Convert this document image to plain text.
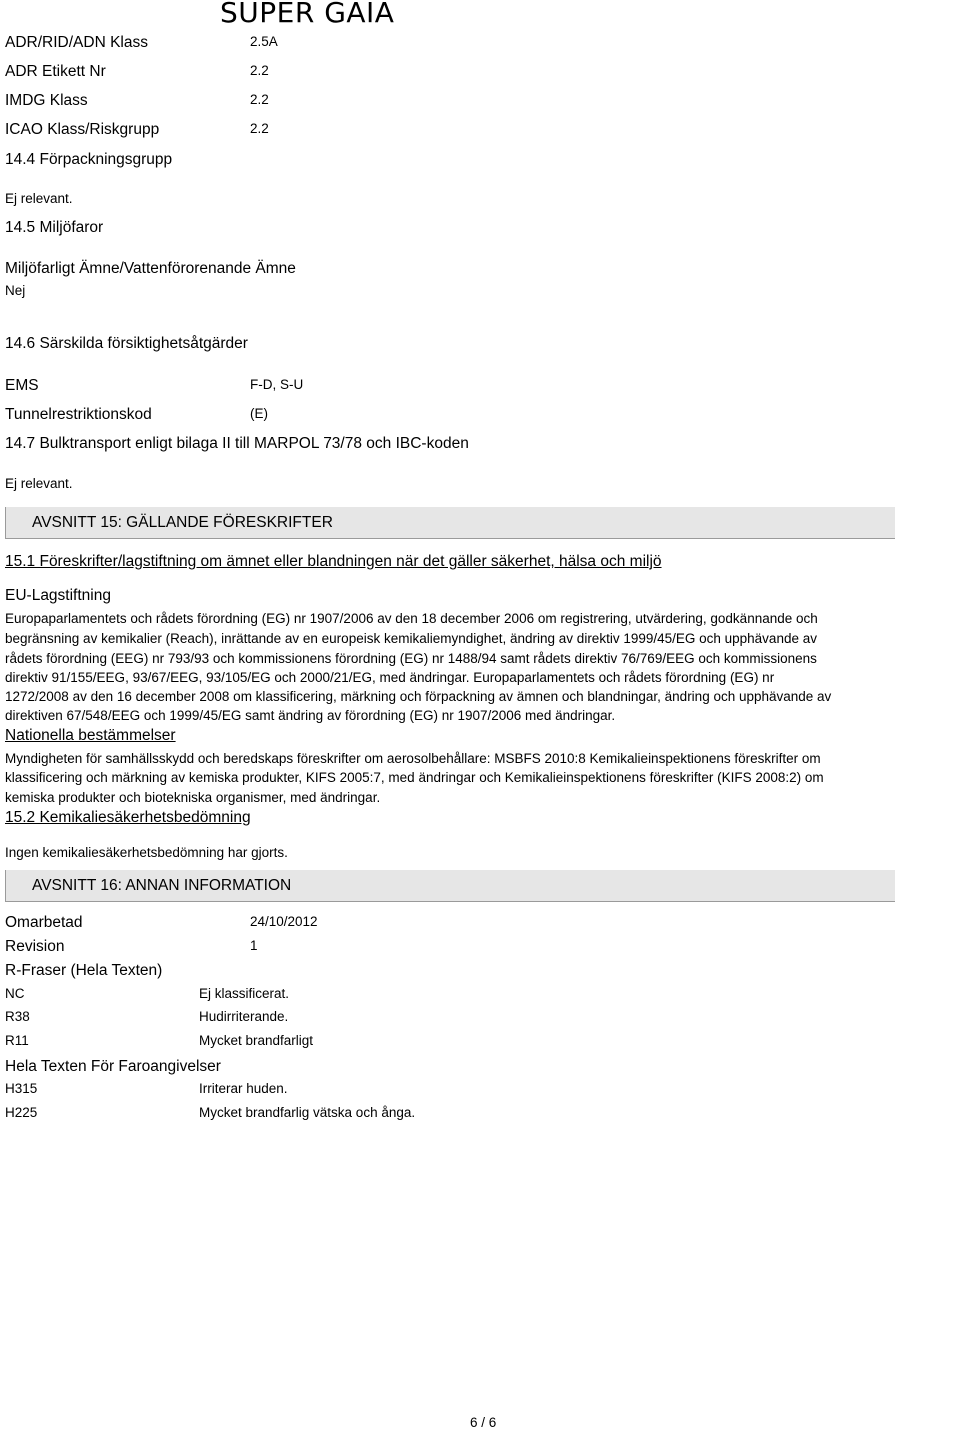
SUPER GAIA
ADR/RID/ADN Klass	2.5A
ADR Etikett Nr	2.2
IMDG Klass	2.2
ICAO Klass/Riskgrupp	2.2
14.4 Förpackningsgrupp
Ej relevant.
14.5 Miljöfaror
Miljöfarligt Ämne/Vattenförorenande Ämne
Nej
14.6 Särskilda försiktighetsåtgärder
EMS	F-D, S-U
Tunnelrestriktionskod	(E)
14.7 Bulktransport enligt bilaga II till MARPOL 73/78 och IBC-koden
Ej relevant.
AVSNITT 15: GÄLLANDE FÖRESKRIFTER
15.1 Föreskrifter/lagstiftning om ämnet eller blandningen när det gäller säkerhet, hälsa och miljö
EU-Lagstiftning
Europaparlamentets och rådets förordning (EG) nr 1907/2006 av den 18 december 2006 om registrering, utvärdering, godkännande och
begränsning av kemikalier (Reach), inrättande av en europeisk kemikaliemyndighet, ändring av direktiv 1999/45/EG och upphävande av
rådets förordning (EEG) nr 793/93 och kommissionens förordning (EG) nr 1488/94 samt rådets direktiv 76/769/EEG och kommissionens
direktiv 91/155/EEG, 93/67/EEG, 93/105/EG och 2000/21/EG, med ändringar. Europaparlamentets och rådets förordning (EG) nr
1272/2008 av den 16 december 2008 om klassificering, märkning och förpackning av ämnen och blandningar, ändring och upphävande av
direktiven 67/548/EEG och 1999/45/EG samt ändring av förordning (EG) nr 1907/2006 med ändringar.
Nationella bestämmelser
Myndigheten för samhällsskydd och beredskaps föreskrifter om aerosolbehållare: MSBFS 2010:8 Kemikalieinspektionens föreskrifter om
klassificering och märkning av kemiska produkter, KIFS 2005:7, med ändringar och Kemikalieinspektionens föreskrifter (KIFS 2008:2) om
kemiska produkter och biotekniska organismer, med ändringar.
15.2 Kemikaliesäkerhetsbedömning
Ingen kemikaliesäkerhetsbedömning har gjorts.
AVSNITT 16: ANNAN INFORMATION
Omarbetad	24/10/2012
Revision	1
R-Fraser (Hela Texten)
NC	Ej klassificerat.
R38	Hudirriterande.
R11	Mycket brandfarligt
Hela Texten För Faroangivelser
H315	Irriterar huden.
H225	Mycket brandfarlig vätska och ånga.
6 / 6
